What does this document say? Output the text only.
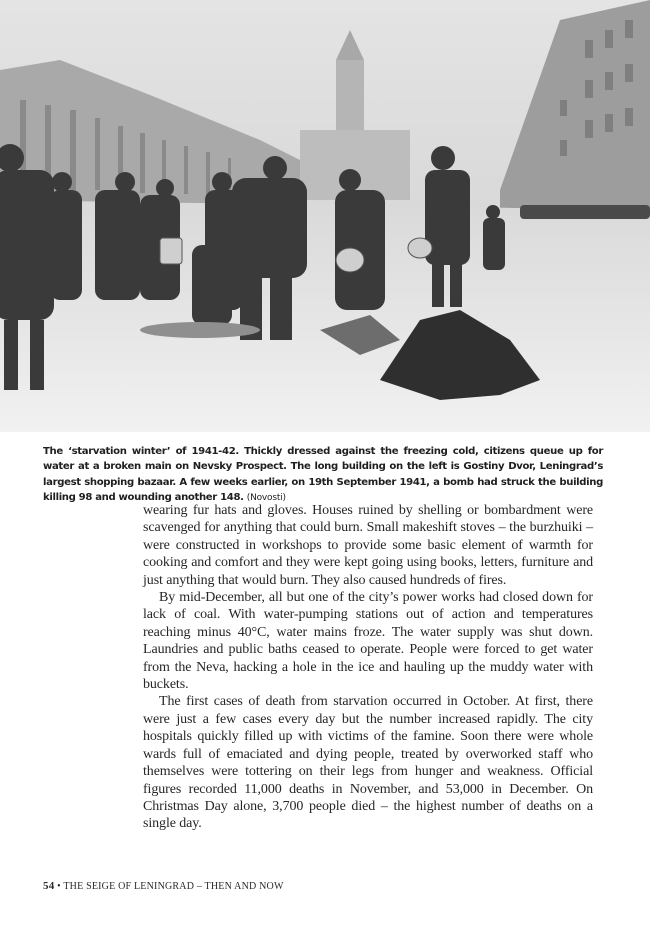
The ‘starvation winter’ of 1941-42. Thickly dressed against the freezing cold, citizens queue up for water at a broken main on Nevsky Prospect. The long building on the left is Gostiny Dvor, Leningrad’s largest shopping bazaar. A few weeks earlier, on 19th September 1941, a bomb had struck the building killing 98 and wounding another 148. (Novosti)

wearing fur hats and gloves. Houses ruined by shelling or bombardment were scavenged for anything that could burn. Small makeshift stoves – the burzhuiki – were constructed in workshops to provide some basic element of warmth for cooking and comfort and they were kept going using books, letters, furniture and just anything that would burn. They also caused hundreds of fires.

By mid-December, all but one of the city’s power works had closed down for lack of coal. With water-pumping stations out of action and temperatures reaching minus 40°C, water mains froze. The water supply was shut down. Laundries and public baths ceased to operate. People were forced to get water from the Neva, hacking a hole in the ice and hauling up the muddy water with buckets.

The first cases of death from starvation occurred in October. At first, there were just a few cases every day but the number increased rapidly. The city hospitals quickly filled up with victims of the famine. Soon there were whole wards full of emaciated and dying people, treated by overworked staff who themselves were tottering on their legs from hunger and weakness. Official figures recorded 11,000 deaths in November, and 53,000 in December. On Christmas Day alone, 3,700 people died – the highest number of deaths on a single day.

54 • THE SEIGE OF LENINGRAD – THEN AND NOW
